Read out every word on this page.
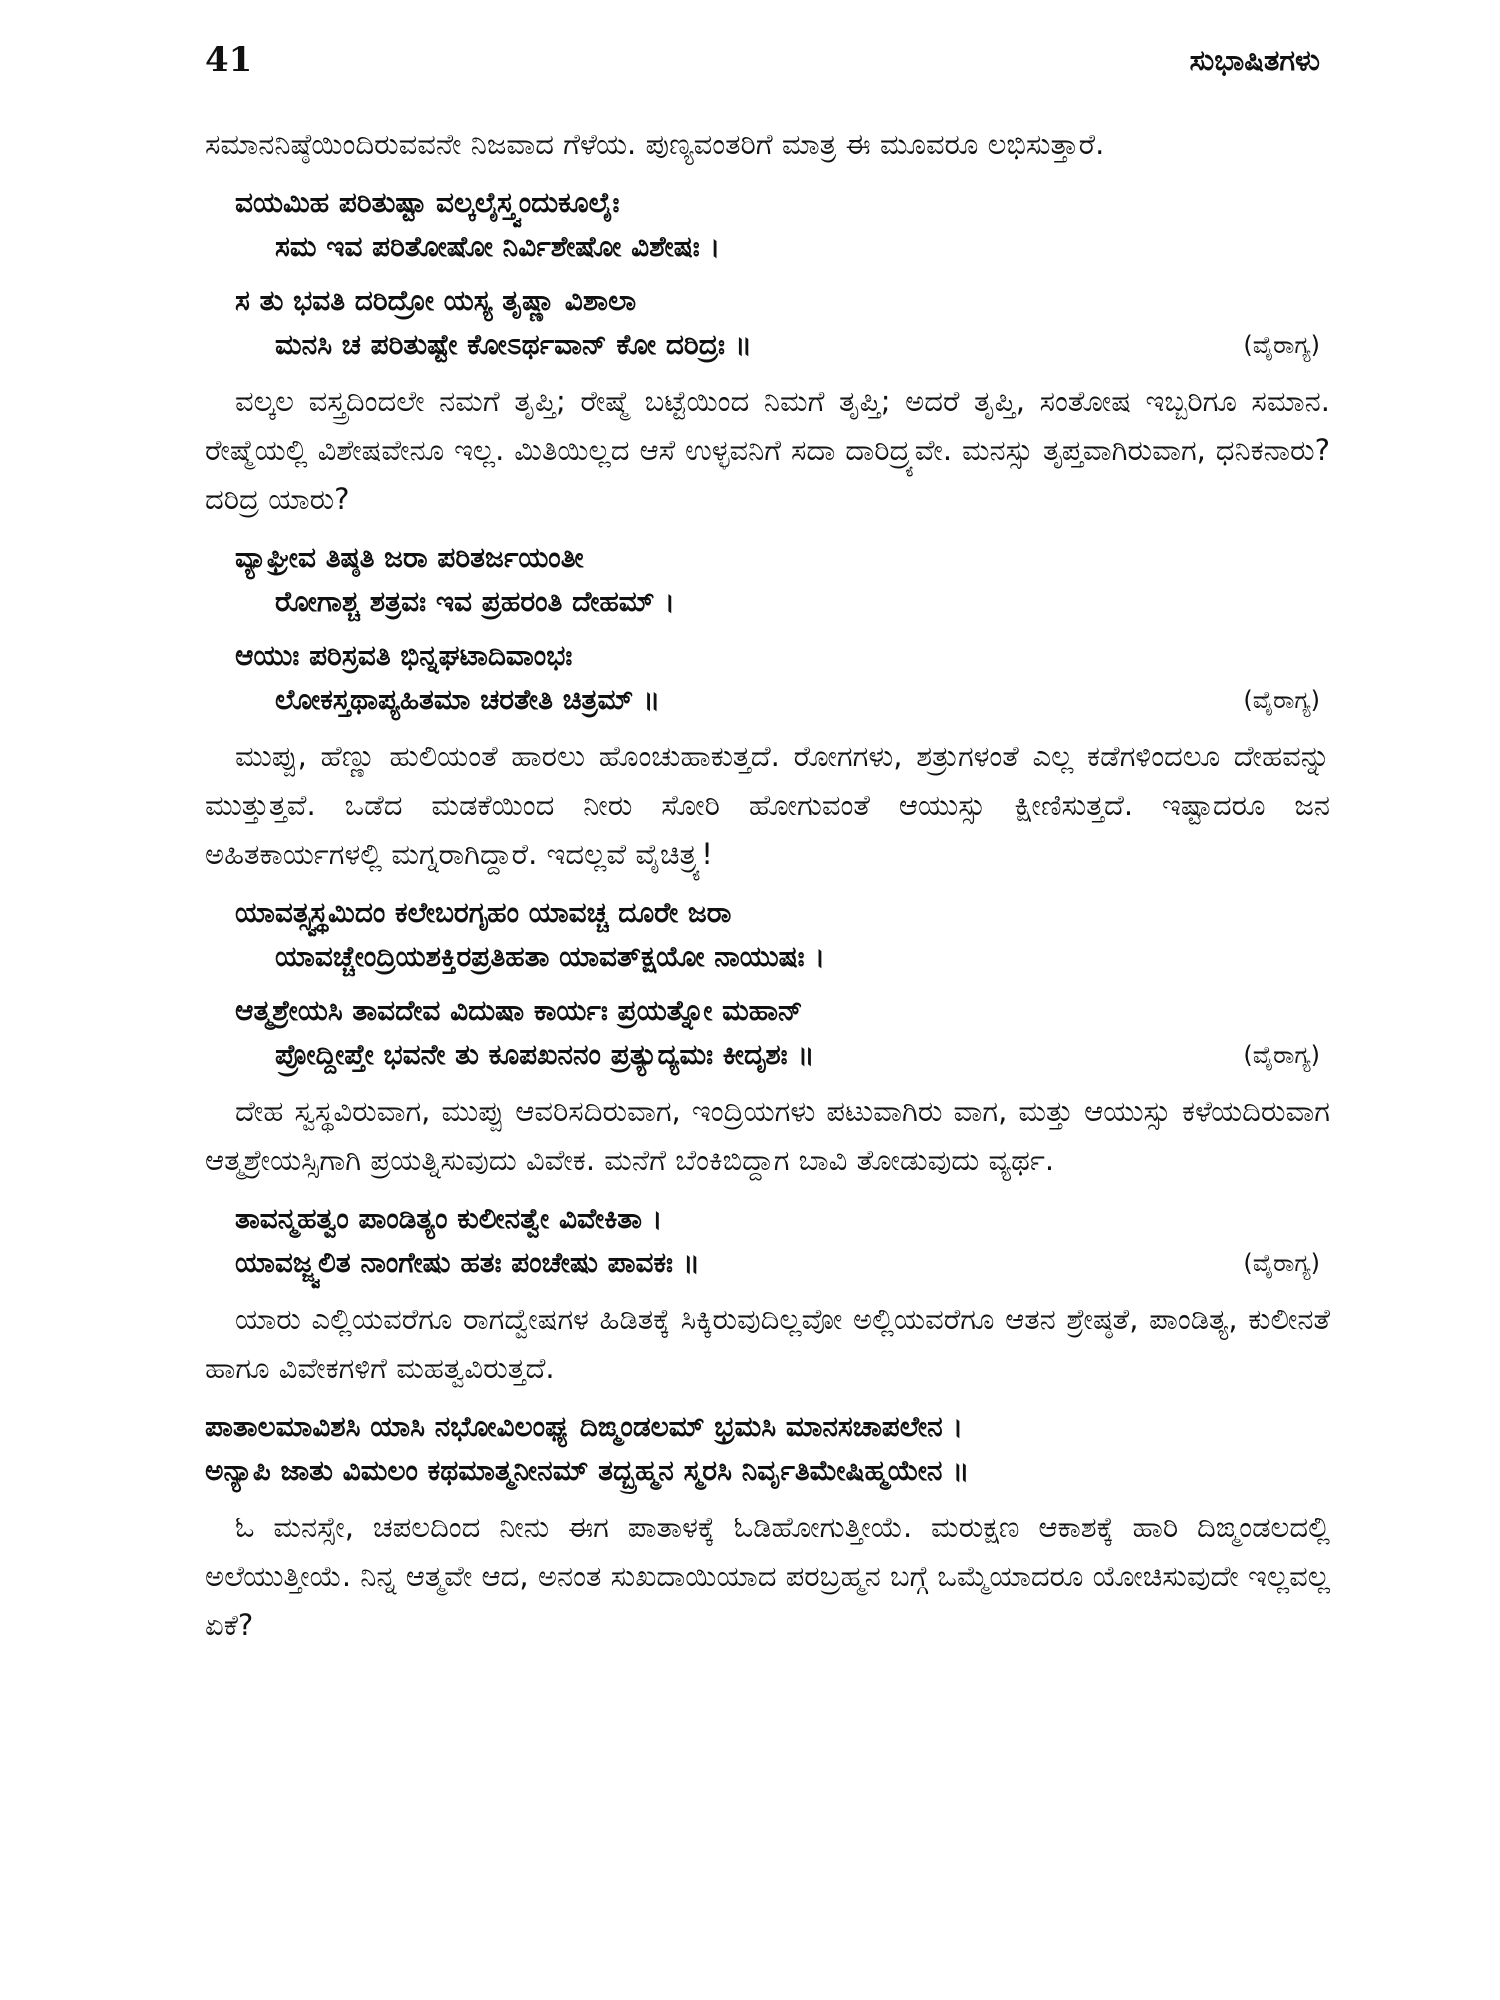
41	ಸುಭಾಷಿತಗಳು
ಸಮಾನನಿಷ್ಠೆಯಿಂದಿರುವವನೇ ನಿಜವಾದ ಗೆಳೆಯ. ಪುಣ್ಯವಂತರಿಗೆ ಮಾತ್ರ ಈ ಮೂವರೂ ಲಭಿಸುತ್ತಾರೆ.
ವಯಮಿಹ ಪರಿತುಷ್ಟಾ ವಲ್ಕಲೈಸ್ತ್ವಂದುಕೂಲೈಃ
ಸಮ ಇವ ಪರಿತೋಷೋ ನಿರ್ವಿಶೇಷೋ ವಿಶೇಷಃ ।
ಸ ತು ಭವತಿ ದರಿದ್ರೋ ಯಸ್ಯ ತೃಷ್ಣಾ ವಿಶಾಲಾ
ಮನಸಿ ಚ ಪರಿತುಷ್ಟೇ ಕೋಽರ್ಥವಾನ್ ಕೋ ದರಿದ್ರಃ ॥	(ವೈರಾಗ್ಯ)
ವಲ್ಕಲ ವಸ್ತ್ರದಿಂದಲೇ ನಮಗೆ ತೃಪ್ತಿ; ರೇಷ್ಮೆ ಬಟ್ಟೆಯಿಂದ ನಿಮಗೆ ತೃಪ್ತಿ; ಅದರೆ ತೃಪ್ತಿ, ಸಂತೋಷ ಇಬ್ಬರಿಗೂ ಸಮಾನ. ರೇಷ್ಮೆಯಲ್ಲಿ ವಿಶೇಷವೇನೂ ಇಲ್ಲ. ಮಿತಿಯಿಲ್ಲದ ಆಸೆ ಉಳ್ಳವನಿಗೆ ಸದಾ ದಾರಿದ್ರ್ಯವೇ. ಮನಸ್ಸು ತೃಪ್ತವಾಗಿರುವಾಗ, ಧನಿಕನಾರು? ದರಿದ್ರ ಯಾರು?
ವ್ಯಾಘ್ರೀವ ತಿಷ್ಠತಿ ಜರಾ ಪರಿತರ್ಜಯಂತೀ
ರೋಗಾಶ್ಚ ಶತ್ರವಃ ಇವ ಪ್ರಹರಂತಿ ದೇಹಮ್ ।
ಆಯುಃ ಪರಿಸ್ರವತಿ ಭಿನ್ನಘಟಾದಿವಾಂಭಃ
ಲೋಕಸ್ತಥಾಪ್ಯಹಿತಮಾ ಚರತೇತಿ ಚಿತ್ರಮ್ ॥	(ವೈರಾಗ್ಯ)
ಮುಪ್ಪು, ಹೆಣ್ಣು ಹುಲಿಯಂತೆ ಹಾರಲು ಹೊಂಚುಹಾಕುತ್ತದೆ. ರೋಗಗಳು, ಶತ್ರುಗಳಂತೆ ಎಲ್ಲ ಕಡೆಗಳಿಂದಲೂ ದೇಹವನ್ನು ಮುತ್ತುತ್ತವೆ. ಒಡೆದ ಮಡಕೆಯಿಂದ ನೀರು ಸೋರಿ ಹೋಗುವಂತೆ ಆಯುಸ್ಸು ಕ್ಷೀಣಿಸುತ್ತದೆ. ಇಷ್ಟಾದರೂ ಜನ ಅಹಿತಕಾರ್ಯಗಳಲ್ಲಿ ಮಗ್ನರಾಗಿದ್ದಾರೆ. ಇದಲ್ಲವೆ ವೈಚಿತ್ರ್ಯ!
ಯಾವತ್ಸ್ವಸ್ಥಮಿದಂ ಕಲೇಬರಗೃಹಂ ಯಾವಚ್ಚ ದೂರೇ ಜರಾ
ಯಾವಚ್ಚೇಂದ್ರಿಯಶಕ್ತಿರಪ್ರತಿಹತಾ ಯಾವತ್ಕ್ಷಯೋ ನಾಯುಷಃ ।
ಆತ್ಮಶ್ರೇಯಸಿ ತಾವದೇವ ವಿದುಷಾ ಕಾರ್ಯಃ ಪ್ರಯತ್ನೋ ಮಹಾನ್
ಪ್ರೋದ್ದೀಪ್ತೇ ಭವನೇ ತು ಕೂಪಖನನಂ ಪ್ರತ್ಯುದ್ಯಮಃ ಕೀದೃಶಃ ॥	(ವೈರಾಗ್ಯ)
ದೇಹ ಸ್ವಸ್ಥವಿರುವಾಗ, ಮುಪ್ಪು ಆವರಿಸದಿರುವಾಗ, ಇಂದ್ರಿಯಗಳು ಪಟುವಾಗಿರು ವಾಗ, ಮತ್ತು ಆಯುಸ್ಸು ಕಳೆಯದಿರುವಾಗ ಆತ್ಮಶ್ರೇಯಸ್ಸಿಗಾಗಿ ಪ್ರಯತ್ನಿಸುವುದು ವಿವೇಕ. ಮನೆಗೆ ಬೆಂಕಿಬಿದ್ದಾಗ ಬಾವಿ ತೋಡುವುದು ವ್ಯರ್ಥ.
ತಾವನ್ಮಹತ್ವಂ ಪಾಂಡಿತ್ಯಂ ಕುಲೀನತ್ವೇ ವಿವೇಕಿತಾ ।
ಯಾವಜ್ಜ್ವಲಿತ ನಾಂಗೇಷು ಹತಃ ಪಂಚೇಷು ಪಾವಕಃ ॥	(ವೈರಾಗ್ಯ)
ಯಾರು ಎಲ್ಲಿಯವರೆಗೂ ರಾಗದ್ವೇಷಗಳ ಹಿಡಿತಕ್ಕೆ ಸಿಕ್ಕಿರುವುದಿಲ್ಲವೋ ಅಲ್ಲಿಯವರೆಗೂ ಆತನ ಶ್ರೇಷ್ಠತೆ, ಪಾಂಡಿತ್ಯ, ಕುಲೀನತೆ ಹಾಗೂ ವಿವೇಕಗಳಿಗೆ ಮಹತ್ವವಿರುತ್ತದೆ.
ಪಾತಾಲಮಾವಿಶಸಿ ಯಾಸಿ ನಭೋವಿಲಂಘ್ಯ ದಿಙ್ಮಂಡಲಮ್ ಭ್ರಮಸಿ ಮಾನಸಚಾಪಲೇನ ।
ಅನ್ಯಾಪಿ ಜಾತು ವಿಮಲಂ ಕಥಮಾತ್ಮನೀನಮ್ ತದ್ಬ್ರಹ್ಮನ ಸ್ಮರಸಿ ನಿರ್ವೃತಿಮೇಷಿಹ್ಮಯೇನ ॥
ಓ ಮನಸ್ಸೇ, ಚಪಲದಿಂದ ನೀನು ಈಗ ಪಾತಾಳಕ್ಕೆ ಓಡಿಹೋಗುತ್ತೀಯೆ. ಮರುಕ್ಷಣ ಆಕಾಶಕ್ಕೆ ಹಾರಿ ದಿಙ್ಮಂಡಲದಲ್ಲಿ ಅಲೆಯುತ್ತೀಯೆ. ನಿನ್ನ ಆತ್ಮವೇ ಆದ, ಅನಂತ ಸುಖದಾಯಿಯಾದ ಪರಬ್ರಹ್ಮನ ಬಗ್ಗೆ ಒಮ್ಮೆಯಾದರೂ ಯೋಚಿಸುವುದೇ ಇಲ್ಲವಲ್ಲ ಏಕೆ?
